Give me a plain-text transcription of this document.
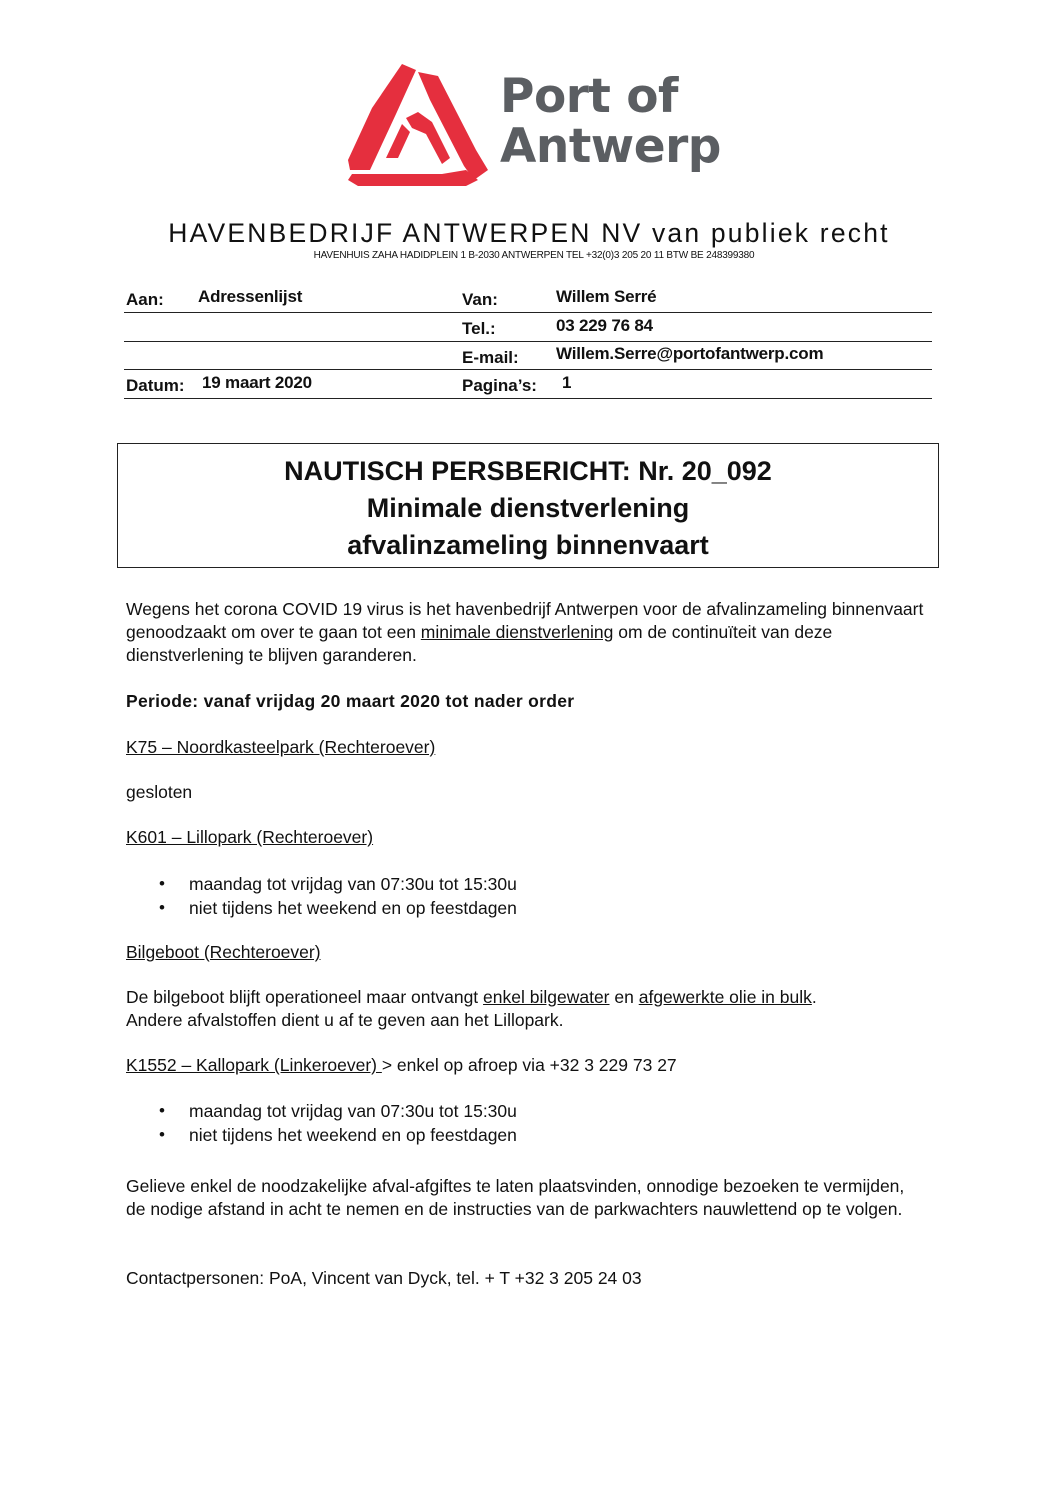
Port of
Antwerp
HAVENBEDRIJF ANTWERPEN NV van publiek recht
HAVENHUIS ZAHA HADIDPLEIN 1 B-2030 ANTWERPEN TEL +32(0)3 205 20 11 BTW BE 248399380
Aan: Adressenlijst	Van:	Willem Serré
Tel.:	03 229 76 84
E-mail: Willem.Serre@portofantwerp.com
Datum: 19 maart 2020	Pagina’s: 1
NAUTISCH PERSBERICHT: Nr. 20_092
Minimale dienstverlening
afvalinzameling binnenvaart
Wegens het corona COVID 19 virus is het havenbedrijf Antwerpen voor de afvalinzameling binnenvaart genoodzaakt om over te gaan tot een minimale dienstverlening om de continuïteit van deze dienstverlening te blijven garanderen.
Periode: vanaf vrijdag 20 maart 2020 tot nader order
K75 – Noordkasteelpark (Rechteroever)
gesloten
K601 – Lillopark (Rechteroever)
• maandag tot vrijdag van 07:30u tot 15:30u
• niet tijdens het weekend en op feestdagen
Bilgeboot (Rechteroever)
De bilgeboot blijft operationeel maar ontvangt enkel bilgewater en afgewerkte olie in bulk.
Andere afvalstoffen dient u af te geven aan het Lillopark.
K1552 – Kallopark (Linkeroever) > enkel op afroep via +32 3 229 73 27
• maandag tot vrijdag van 07:30u tot 15:30u
• niet tijdens het weekend en op feestdagen
Gelieve enkel de noodzakelijke afval-afgiftes te laten plaatsvinden, onnodige bezoeken te vermijden, de nodige afstand in acht te nemen en de instructies van de parkwachters nauwlettend op te volgen.
Contactpersonen: PoA, Vincent van Dyck, tel. + T +32 3 205 24 03
